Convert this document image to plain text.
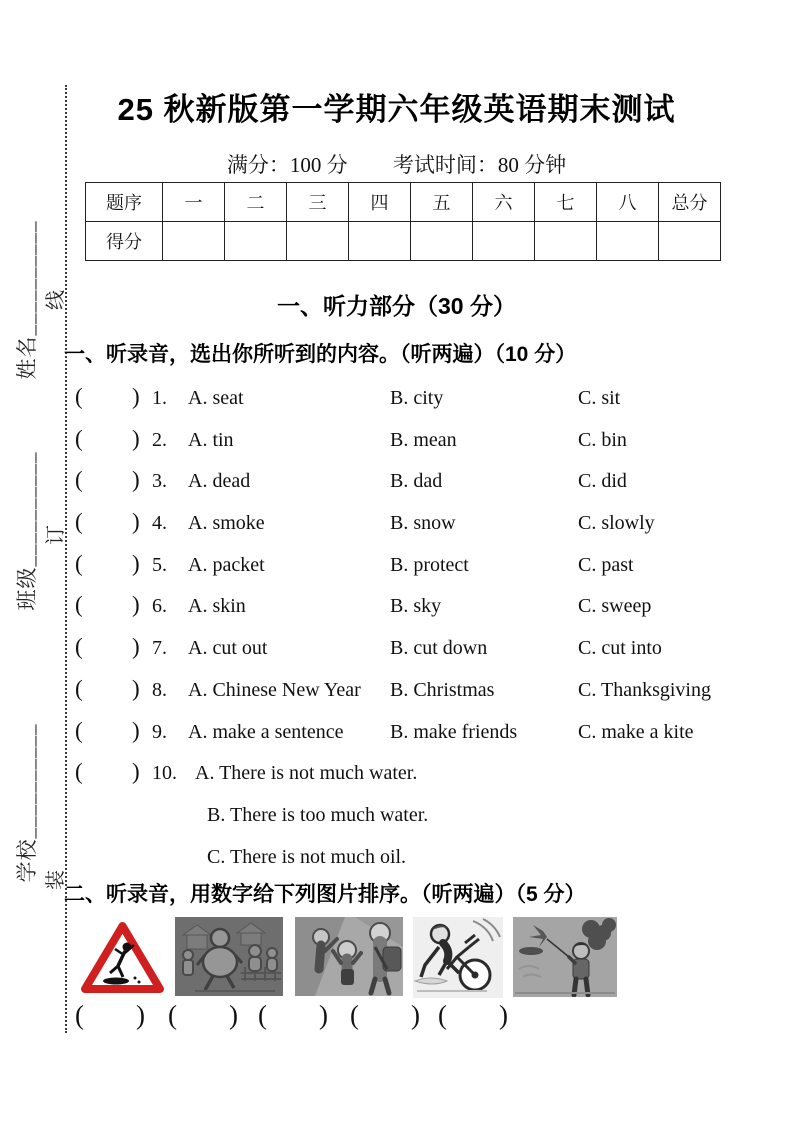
线
订
装
姓名__________
班级__________
学校__________
25 秋新版第一学期六年级英语期末测试
满分：100 分 考试时间：80 分钟
题序	一	二	三	四	五	六	七	八	总分
得分									
一、听力部分（30 分）
一、听录音，选出你所听到的内容。（听两遍）（10 分）
( ) 1. A. seat	B. city	C. sit
( ) 2. A. tin	B. mean	C. bin
( ) 3. A. dead	B. dad	C. did
( ) 4. A. smoke	B. snow	C. slowly
( ) 5. A. packet	B. protect	C. past
( ) 6. A. skin	B. sky	C. sweep
( ) 7. A. cut out	B. cut down	C. cut into
( ) 8. A. Chinese New Year B. Christmas	C. Thanksgiving
( ) 9. A. make a sentence B. make friends	C. make a kite
( ) 10. A. There is not much water.
B. There is too much water.
C. There is not much oil.
二、听录音，用数字给下列图片排序。（听两遍）（5 分）
( ) ( ) ( ) ( ) ( )
